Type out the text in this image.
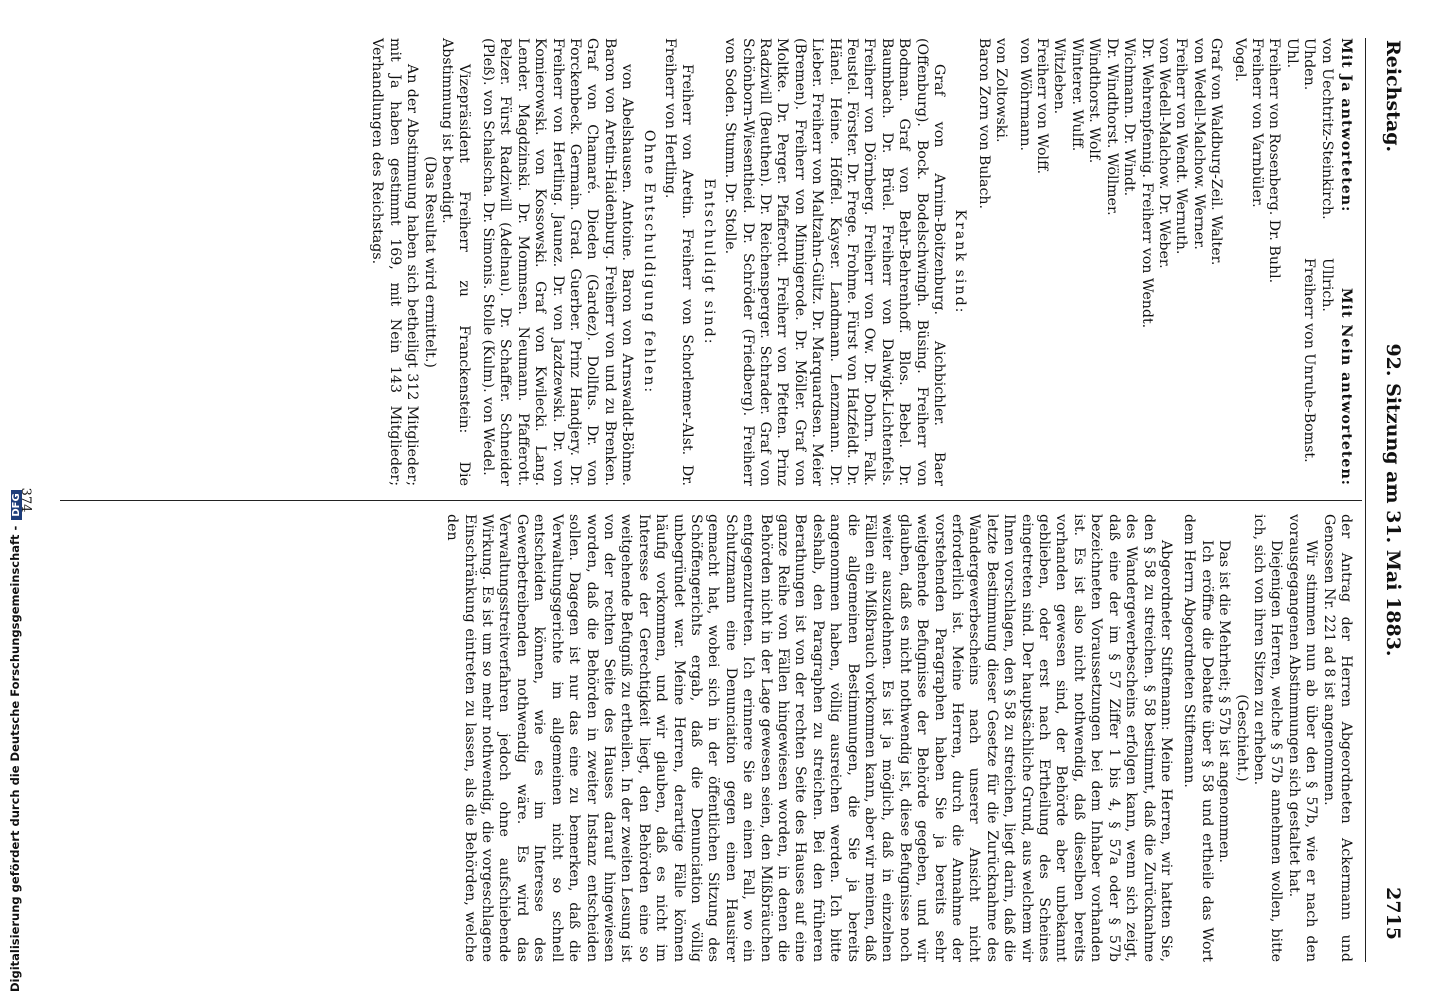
Digitalisierung gefördert durch die Deutsche Forschungsgemeinschaft - DFG
Reichstag.
92. Sitzung am 31. Mai 1883.
2715
Mit Ja antworteten:
Mit Nein antworteten:
von Uechtritz-Steinkirch.
Ullrich.
Uhden.
Freiherr von Unruhe-Bomst.
Uhl.
Freiherr von Rosenberg. Dr. Buhl.
Freiherr von Varnbüler.
Vogel.
Graf von Waldburg-Zeil. Walter.
von Wedell-Malchow. Werner.
Freiherr von Wendt. Wernuth.
von Wedell-Malchow. Dr. Weber.
Dr. Wehrenpfennig. Freiherr von Wendt.
Wichmann. Dr. Windt.
Dr. Windthorst. Wöllmer.
Windthorst. Wolf.
Winterer. Wulff.
Witzleben.
Freiherr von Wolff.
von Wöhrmann.
von Zoltowski.
Baron Zorn von Bulach.
Krank sind:
Graf von Arnim-Boitzenburg. Aichbichler. Baer (Offenburg). Bock. Bodelschwingh. Büsing. Freiherr von Bodman. Graf von Behr-Behrenhoff. Blos. Bebel. Dr. Baumbach. Dr. Brüel. Freiherr von Dalwigk-Lichtenfels. Freiherr von Dörnberg. Freiherr von Ow. Dr. Dohrn. Falk. Feustel. Förster. Dr. Frege. Frohme. Fürst von Hatzfeldt. Dr. Hänel. Heine. Höffel. Kayser. Landmann. Lenzmann. Dr. Lieber. Freiherr von Maltzahn-Gültz. Dr. Marquardsen. Meier (Bremen). Freiherr von Minnigerode. Dr. Möller. Graf von Moltke. Dr. Perger. Pfafferott. Freiherr von Pfetten. Prinz Radziwill (Beuthen). Dr. Reichensperger. Schrader. Graf von Schönborn-Wiesentheid. Dr. Schröder (Friedberg). Freiherr von Soden. Stumm. Dr. Stolle.
Entschuldigt sind:
Freiherr von Aretin. Freiherr von Schorlemer-Alst. Dr. Freiherr von Hertling.
Ohne Entschuldigung fehlen:
von Abelshausen. Antoine. Baron von Arnswaldt-Böhme. Baron von Aretin-Haidenburg. Freiherr von und zu Brenken. Graf von Chamaré. Dieden (Gardez). Dollfus. Dr. von Forckenbeck. Germain. Grad. Guerber. Prinz Handjery. Dr. Freiherr von Hertling. Jaunez. Dr. von Jazdzewski. Dr. von Komierowski. von Kossowski. Graf von Kwilecki. Lang. Lender. Magdzinski. Dr. Mommsen. Neumann. Pfafferott. Pelzer. Fürst Radziwill (Adelnau). Dr. Schaffer. Schneider (Pleß). von Schalscha. Dr. Simonis. Stolle (Kulm). von Wedel.
Vizepräsident Freiherr zu Franckenstein: Die Abstimmung ist beendigt.
(Das Resultat wird ermittelt.)
An der Abstimmung haben sich betheiligt 312 Mitglieder; mit Ja haben gestimmt 169, mit Nein 143 Mitglieder; Verhandlungen des Reichstags.
der Antrag der Herren Abgeordneten Ackermann und Genossen Nr. 221 ad 8 ist angenommen.
Wir stimmen nun ab über den § 57b, wie er nach den vorausgegangenen Abstimmungen sich gestaltet hat.
Diejenigen Herren, welche § 57b annehmen wollen, bitte ich, sich von ihren Sitzen zu erheben.
(Geschieht.)
Das ist die Mehrheit; § 57b ist angenommen.
Ich eröffne die Debatte über § 58 und ertheile das Wort dem Herrn Abgeordneten Stiftemann.
Abgeordneter Stiftemann: Meine Herren, wir hatten Sie, den § 58 zu streichen. § 58 bestimmt, daß die Zurücknahme des Wandergewerbescheins erfolgen kann, wenn sich zeigt, daß eine der im § 57 Ziffer 1 bis 4, § 57a oder § 57b bezeichneten Voraussetzungen bei dem Inhaber vorhanden ist. Es ist also nicht nothwendig, daß dieselben bereits vorhanden gewesen sind, der Behörde aber unbekannt geblieben, oder erst nach Ertheilung des Scheines eingetreten sind. Der hauptsächliche Grund, aus welchem wir Ihnen vorschlagen, den § 58 zu streichen, liegt darin, daß die letzte Bestimmung dieser Gesetze für die Zurücknahme des Wandergewerbescheins nach unserer Ansicht nicht erforderlich ist. Meine Herren, durch die Annahme der vorstehenden Paragraphen haben Sie ja bereits sehr weitgehende Befugnisse der Behörde gegeben, und wir glauben, daß es nicht nothwendig ist, diese Befugnisse noch weiter auszudehnen. Es ist ja möglich, daß in einzelnen Fällen ein Mißbrauch vorkommen kann, aber wir meinen, daß die allgemeinen Bestimmungen, die Sie ja bereits angenommen haben, völlig ausreichen werden. Ich bitte deshalb, den Paragraphen zu streichen. Bei den früheren Berathungen ist von der rechten Seite des Hauses auf eine ganze Reihe von Fällen hingewiesen worden, in denen die Behörden nicht in der Lage gewesen seien, den Mißbräuchen entgegenzutreten. Ich erinnere Sie an einen Fall, wo ein Schutzmann eine Denunciation gegen einen Hausirer gemacht hat, wobei sich in der öffentlichen Sitzung des Schöffengerichts ergab, daß die Denunciation völlig unbegründet war. Meine Herren, derartige Fälle können häufig vorkommen, und wir glauben, daß es nicht im Interesse der Gerechtigkeit liegt, den Behörden eine so weitgehende Befugniß zu ertheilen. In der zweiten Lesung ist von der rechten Seite des Hauses darauf hingewiesen worden, daß die Behörden in zweiter Instanz entscheiden sollen. Dagegen ist nur das eine zu bemerken, daß die Verwaltungsgerichte im allgemeinen nicht so schnell entscheiden können, wie es im Interesse des Gewerbetreibenden nothwendig wäre. Es wird das Verwaltungsstreitverfahren jedoch ohne aufschiebende Wirkung. Es ist um so mehr nothwendig, die vorgeschlagene Einschränkung eintreten zu lassen, als die Behörden, welche den
374
